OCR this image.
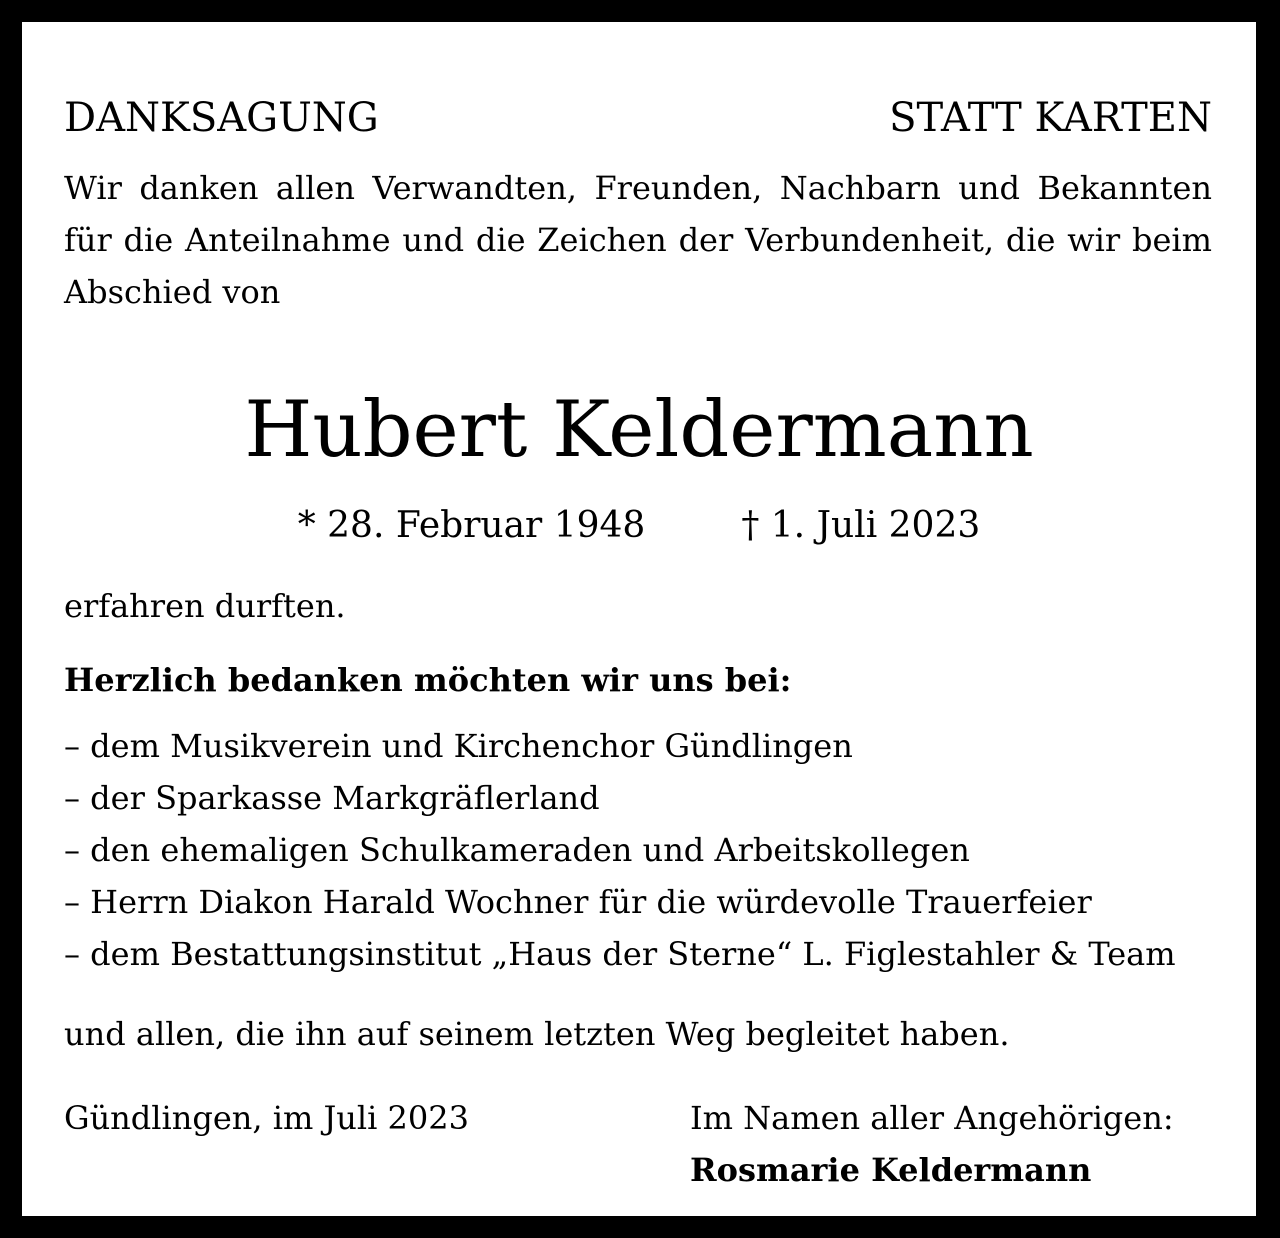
DANKSAGUNG	STATT KARTEN

Wir danken allen Verwandten, Freunden, Nachbarn und Bekannten für die Anteilnahme und die Zeichen der Verbundenheit, die wir beim Abschied von

Hubert Keldermann

* 28. Februar 1948	† 1. Juli 2023

erfahren durften.

Herzlich bedanken möchten wir uns bei:

– dem Musikverein und Kirchenchor Gündlingen
– der Sparkasse Markgräflerland
– den ehemaligen Schulkameraden und Arbeitskollegen
– Herrn Diakon Harald Wochner für die würdevolle Trauerfeier
– dem Bestattungsinstitut „Haus der Sterne“ L. Figlestahler & Team

und allen, die ihn auf seinem letzten Weg begleitet haben.

Gündlingen, im Juli 2023	Im Namen aller Angehörigen:

Rosmarie Keldermann
